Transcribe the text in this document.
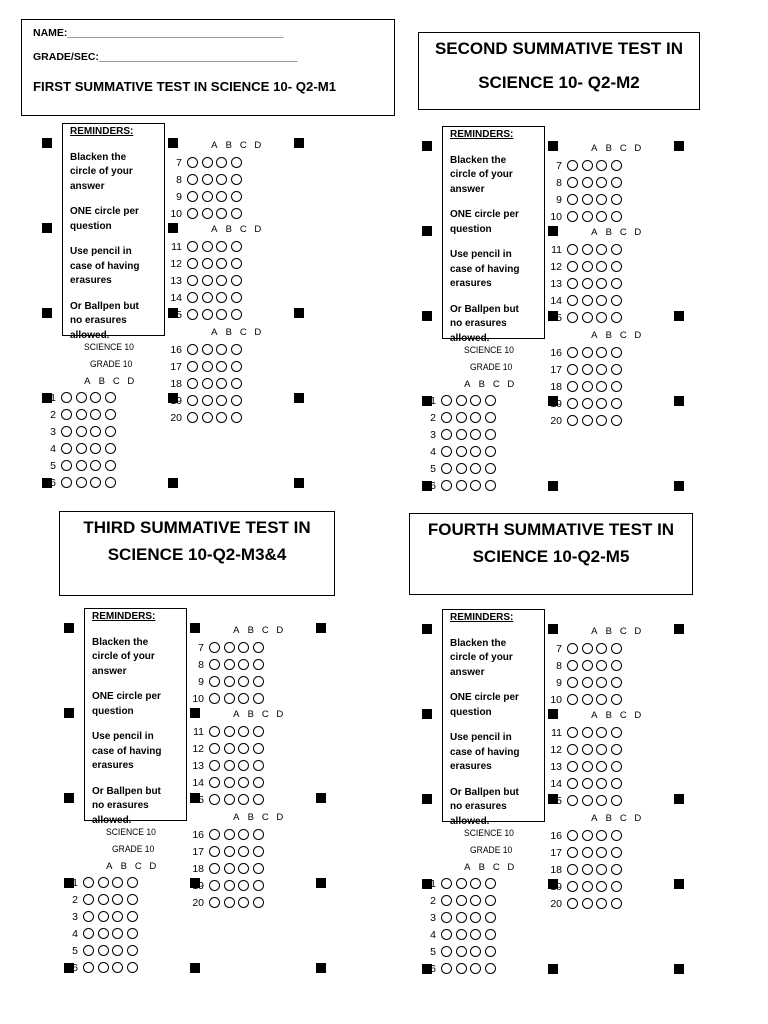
NAME:_____________________________________
GRADE/SEC:__________________________________
FIRST SUMMATIVE TEST IN SCIENCE 10- Q2-M1
SECOND SUMMATIVE TEST IN
SCIENCE 10- Q2-M2
THIRD SUMMATIVE TEST IN
SCIENCE 10-Q2-M3&4
FOURTH SUMMATIVE TEST IN
SCIENCE 10-Q2-M5
REMINDERS:
Blacken the
circle of your
answer
ONE circle per
question
Use pencil in
case of having
erasures
Or Ballpen but
no erasures
allowed.
SCIENCE 10
GRADE 10
A B C D
A B C D
A B C D
A B C D
1
2
3
4
5
6
7
8
9
10
11
12
13
14
15
16
17
18
19
20
REMINDERS:
Blacken the
circle of your
answer
ONE circle per
question
Use pencil in
case of having
erasures
Or Ballpen but
no erasures
allowed.
SCIENCE 10
GRADE 10
A B C D
A B C D
A B C D
A B C D
1
2
3
4
5
6
7
8
9
10
11
12
13
14
15
16
17
18
19
20
REMINDERS:
Blacken the
circle of your
answer
ONE circle per
question
Use pencil in
case of having
erasures
Or Ballpen but
no erasures
allowed.
SCIENCE 10
GRADE 10
A B C D
A B C D
A B C D
A B C D
1
2
3
4
5
6
7
8
9
10
11
12
13
14
15
16
17
18
19
20
REMINDERS:
Blacken the
circle of your
answer
ONE circle per
question
Use pencil in
case of having
erasures
Or Ballpen but
no erasures
allowed.
SCIENCE 10
GRADE 10
A B C D
A B C D
A B C D
A B C D
1
2
3
4
5
6
7
8
9
10
11
12
13
14
15
16
17
18
19
20
